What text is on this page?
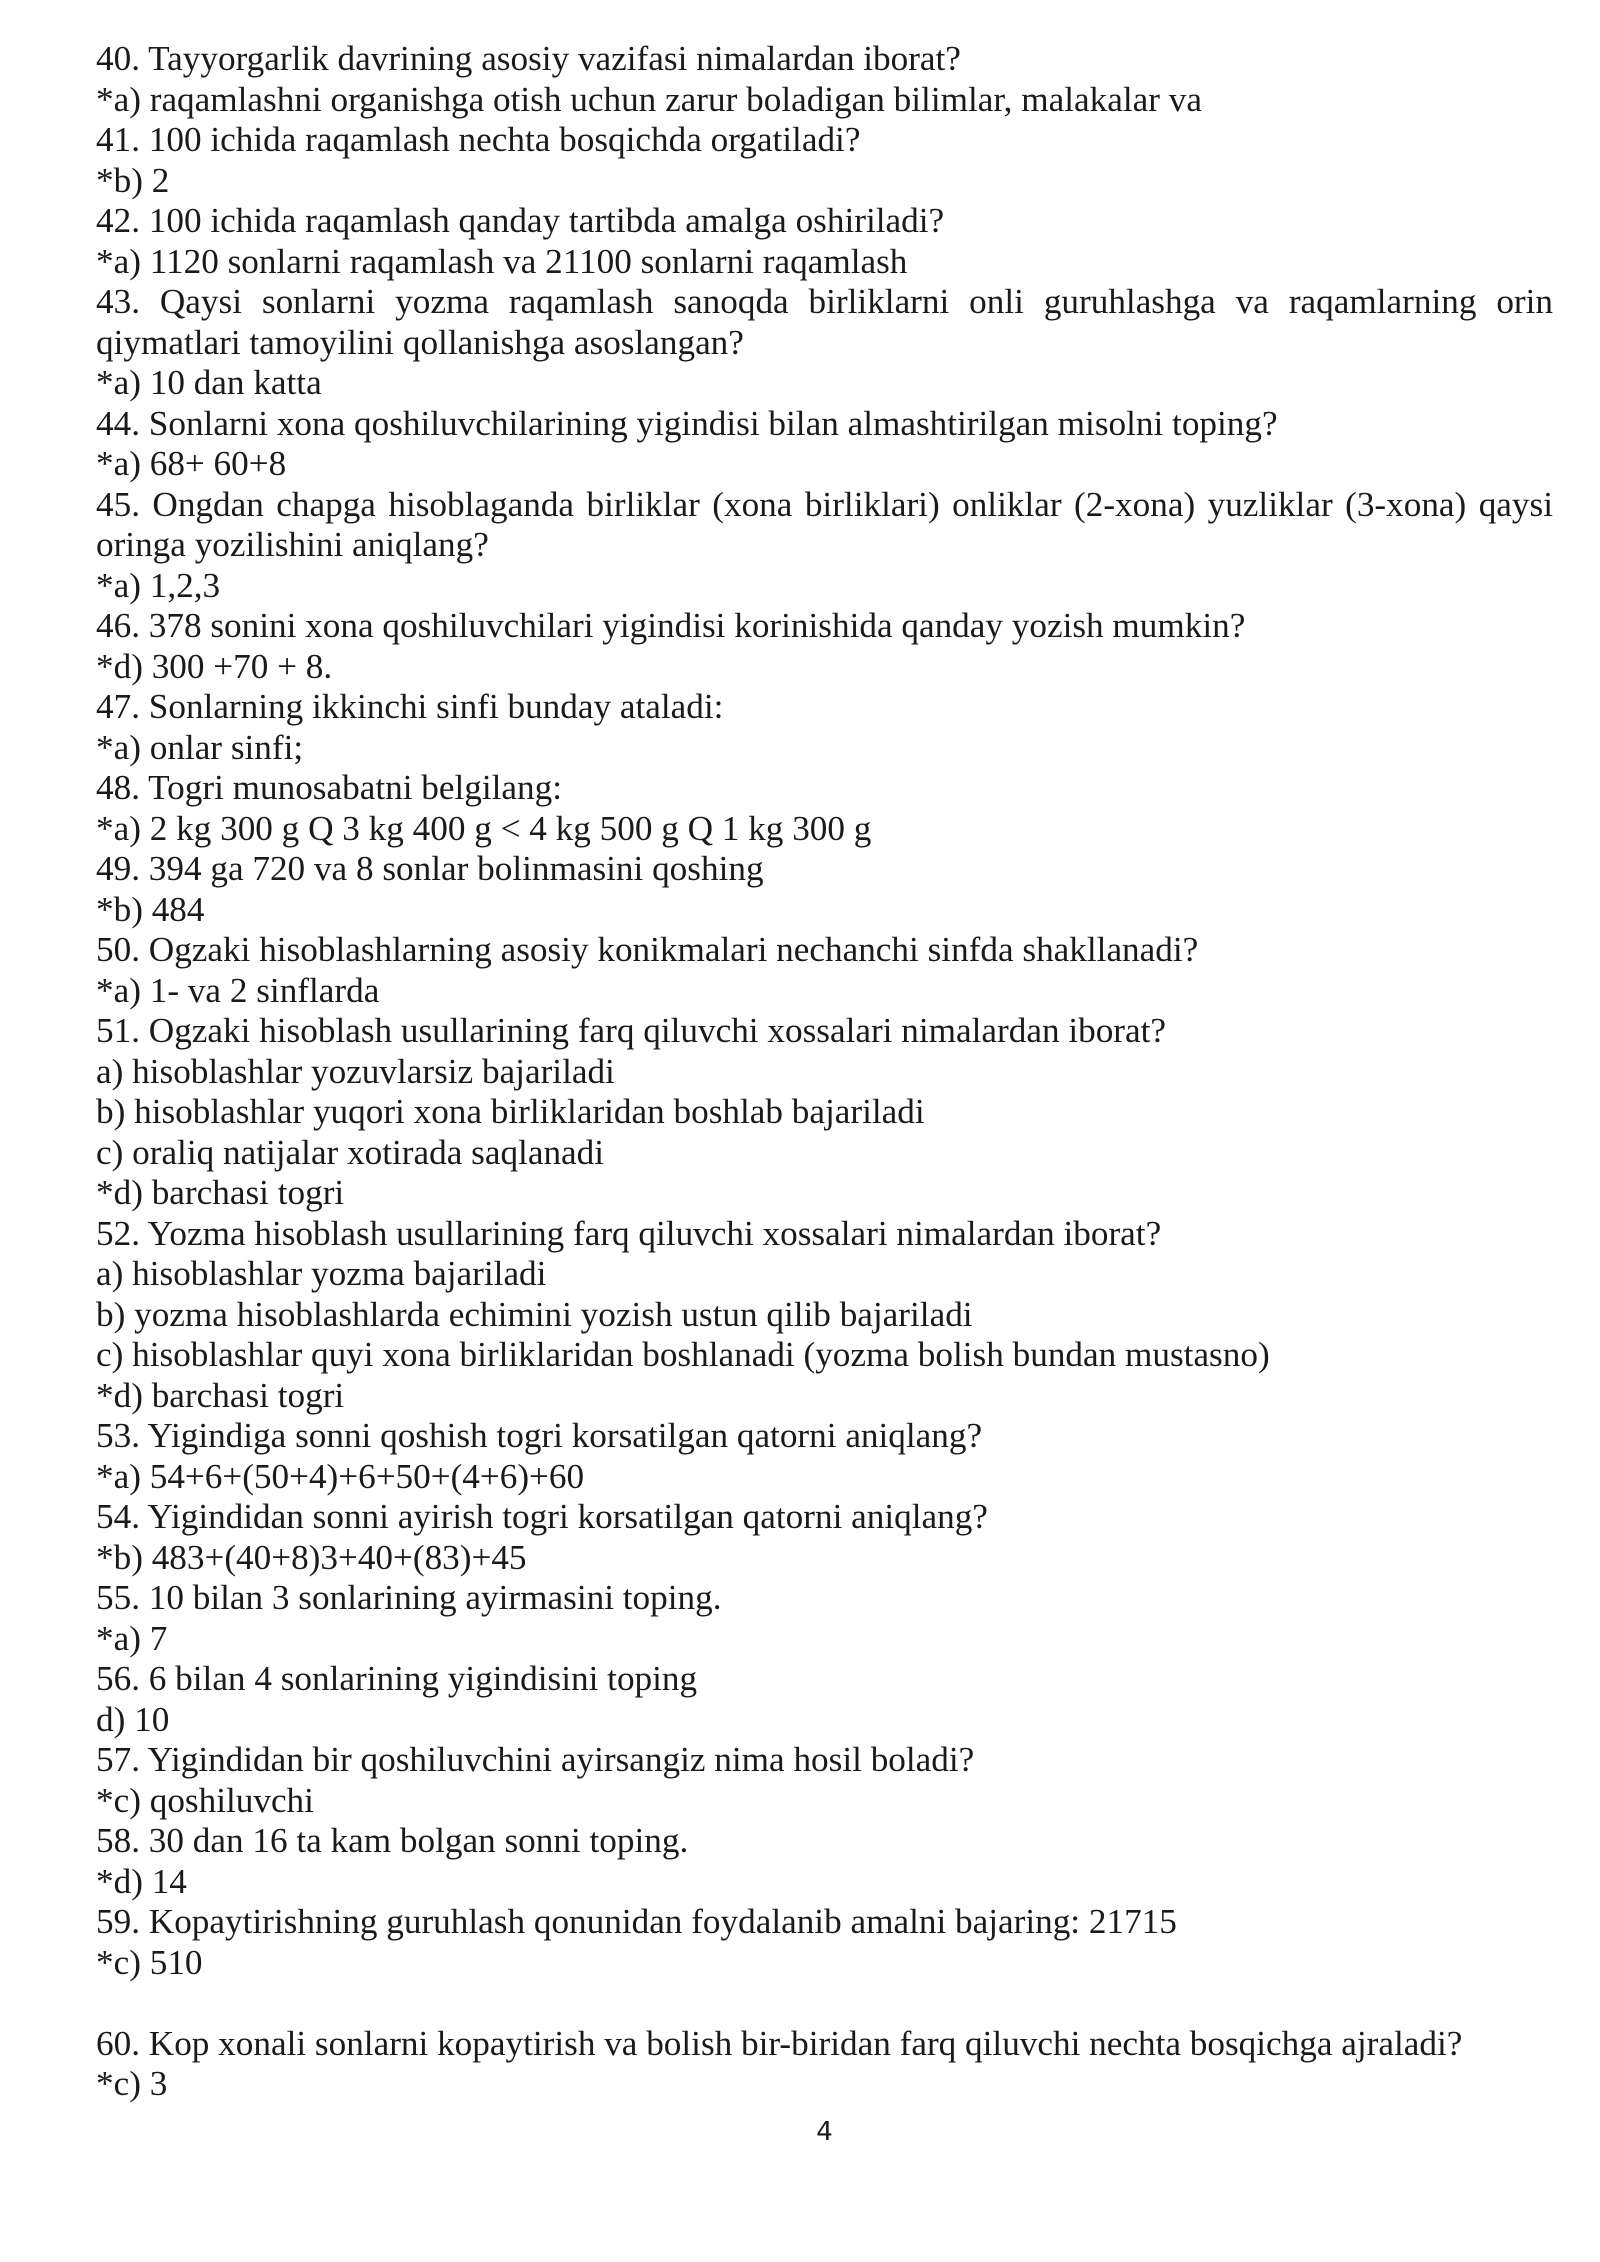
40. Tayyorgarlik davrining asosiy vazifasi nimalardan iborat?
*a) raqamlashni organishga otish uchun zarur boladigan bilimlar, malakalar va
41. 100 ichida raqamlash nechta bosqichda orgatiladi?
*b) 2
42. 100 ichida raqamlash qanday tartibda amalga oshiriladi?
*a) 1120 sonlarni raqamlash va 21100 sonlarni raqamlash
43. Qaysi sonlarni yozma raqamlash sanoqda birliklarni onli guruhlashga va raqamlarning orin
qiymatlari tamoyilini qollanishga asoslangan?
*a) 10 dan katta
44. Sonlarni xona qoshiluvchilarining yigindisi bilan almashtirilgan misolni toping?
*a) 68+ 60+8
45. Ongdan chapga hisoblaganda birliklar (xona birliklari) onliklar (2-xona) yuzliklar (3-xona) qaysi
oringa yozilishini aniqlang?
*a) 1,2,3
46. 378 sonini xona qoshiluvchilari yigindisi korinishida qanday yozish mumkin?
*d) 300 +70 + 8.
47. Sonlarning ikkinchi sinfi bunday ataladi:
*a) onlar sinfi;
48. Togri munosabatni belgilang:
*a) 2 kg 300 g Q 3 kg 400 g < 4 kg 500 g Q 1 kg 300 g
49. 394 ga 720 va 8 sonlar bolinmasini qoshing
*b) 484
50. Ogzaki hisoblashlarning asosiy konikmalari nechanchi sinfda shakllanadi?
*a) 1- va 2 sinflarda
51. Ogzaki hisoblash usullarining farq qiluvchi xossalari nimalardan iborat?
a) hisoblashlar yozuvlarsiz bajariladi
b) hisoblashlar yuqori xona birliklaridan boshlab bajariladi
c) oraliq natijalar xotirada saqlanadi
*d) barchasi togri
52. Yozma hisoblash usullarining farq qiluvchi xossalari nimalardan iborat?
a) hisoblashlar yozma bajariladi
b) yozma hisoblashlarda echimini yozish ustun qilib bajariladi
c) hisoblashlar quyi xona birliklaridan boshlanadi (yozma bolish bundan mustasno)
*d) barchasi togri
53. Yigindiga sonni qoshish togri korsatilgan qatorni aniqlang?
*a) 54+6+(50+4)+6+50+(4+6)+60
54. Yigindidan sonni ayirish togri korsatilgan qatorni aniqlang?
*b) 483+(40+8)3+40+(83)+45
55. 10 bilan 3 sonlarining ayirmasini toping.
*a) 7
56. 6 bilan 4 sonlarining yigindisini toping
d) 10
57. Yigindidan bir qoshiluvchini ayirsangiz nima hosil boladi?
*c) qoshiluvchi
58. 30 dan 16 ta kam bolgan sonni toping.
*d) 14
59. Kopaytirishning guruhlash qonunidan foydalanib amalni bajaring: 21715
*c) 510
60. Kop xonali sonlarni kopaytirish va bolish bir-biridan farq qiluvchi nechta bosqichga ajraladi?
*c) 3
4
